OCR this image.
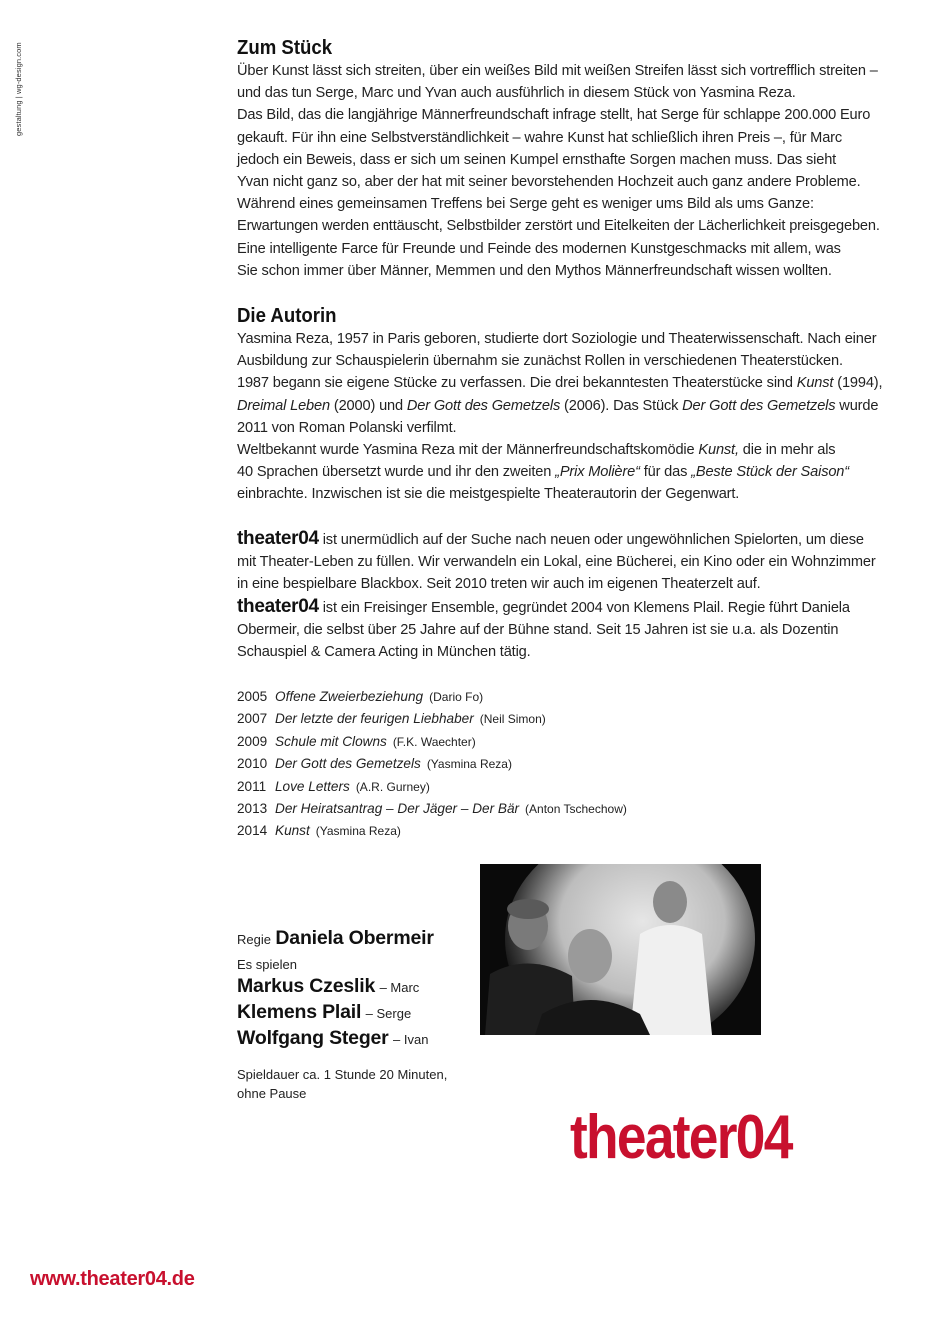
gestaltung | wg-design.com	Zum Stück

Über Kunst lässt sich streiten, über ein weißes Bild mit weißen Streifen lässt sich vortrefflich streiten –

und das tun Serge, Marc und Yvan auch ausführlich in diesem Stück von Yasmina Reza.

Das Bild, das die langjährige Männerfreundschaft infrage stellt, hat Serge für schlappe 200.000 Euro

gekauft. Für ihn eine Selbstverständlichkeit – wahre Kunst hat schließlich ihren Preis –, für Marc

jedoch ein Beweis, dass er sich um seinen Kumpel ernsthafte Sorgen machen muss. Das sieht

Yvan nicht ganz so, aber der hat mit seiner bevorstehenden Hochzeit auch ganz andere Probleme.

Während eines gemeinsamen Treffens bei Serge geht es weniger ums Bild als ums Ganze:

Erwartungen werden enttäuscht, Selbstbilder zerstört und Eitelkeiten der Lächerlichkeit preisgegeben.

Eine intelligente Farce für Freunde und Feinde des modernen Kunstgeschmacks mit allem, was

Sie schon immer über Männer, Memmen und den Mythos Männerfreundschaft wissen wollten.

Die Autorin

Yasmina Reza, 1957 in Paris geboren, studierte dort Soziologie und Theaterwissenschaft. Nach einer

Ausbildung zur Schauspielerin übernahm sie zunächst Rollen in verschiedenen Theaterstücken.

1987 begann sie eigene Stücke zu verfassen. Die drei bekanntesten Theaterstücke sind Kunst (1994),

Dreimal Leben (2000) und Der Gott des Gemetzels (2006). Das Stück Der Gott des Gemetzels wurde

2011 von Roman Polanski verfilmt.

Weltbekannt wurde Yasmina Reza mit der Männerfreundschaftskomödie Kunst, die in mehr als

40 Sprachen übersetzt wurde und ihr den zweiten „Prix Molière“ für das „Beste Stück der Saison“

einbrachte. Inzwischen ist sie die meistgespielte Theaterautorin der Gegenwart.

theater04 ist unermüdlich auf der Suche nach neuen oder ungewöhnlichen Spielorten, um diese

mit Theater-Leben zu füllen. Wir verwandeln ein Lokal, eine Bücherei, ein Kino oder ein Wohnzimmer

in eine bespielbare Blackbox. Seit 2010 treten wir auch im eigenen Theaterzelt auf.

theater04 ist ein Freisinger Ensemble, gegründet 2004 von Klemens Plail. Regie führt Daniela

Obermeir, die selbst über 25 Jahre auf der Bühne stand. Seit 15 Jahren ist sie u.a. als Dozentin

Schauspiel & Camera Acting in München tätig.

2005 Offene Zweierbeziehung (Dario Fo)
2007 Der letzte der feurigen Liebhaber (Neil Simon)
2009 Schule mit Clowns (F.K. Waechter)
2010 Der Gott des Gemetzels (Yasmina Reza)
2011 Love Letters (A.R. Gurney)
2013 Der Heiratsantrag – Der Jäger – Der Bär (Anton Tschechow)
2014 Kunst (Yasmina Reza)
Regie Daniela Obermeir
Es spielen
Markus Czeslik – Marc
Klemens Plail – Serge
Wolfgang Steger – Ivan
Spieldauer ca. 1 Stunde 20 Minuten,
ohne Pause
theater04
www.theater04.de
